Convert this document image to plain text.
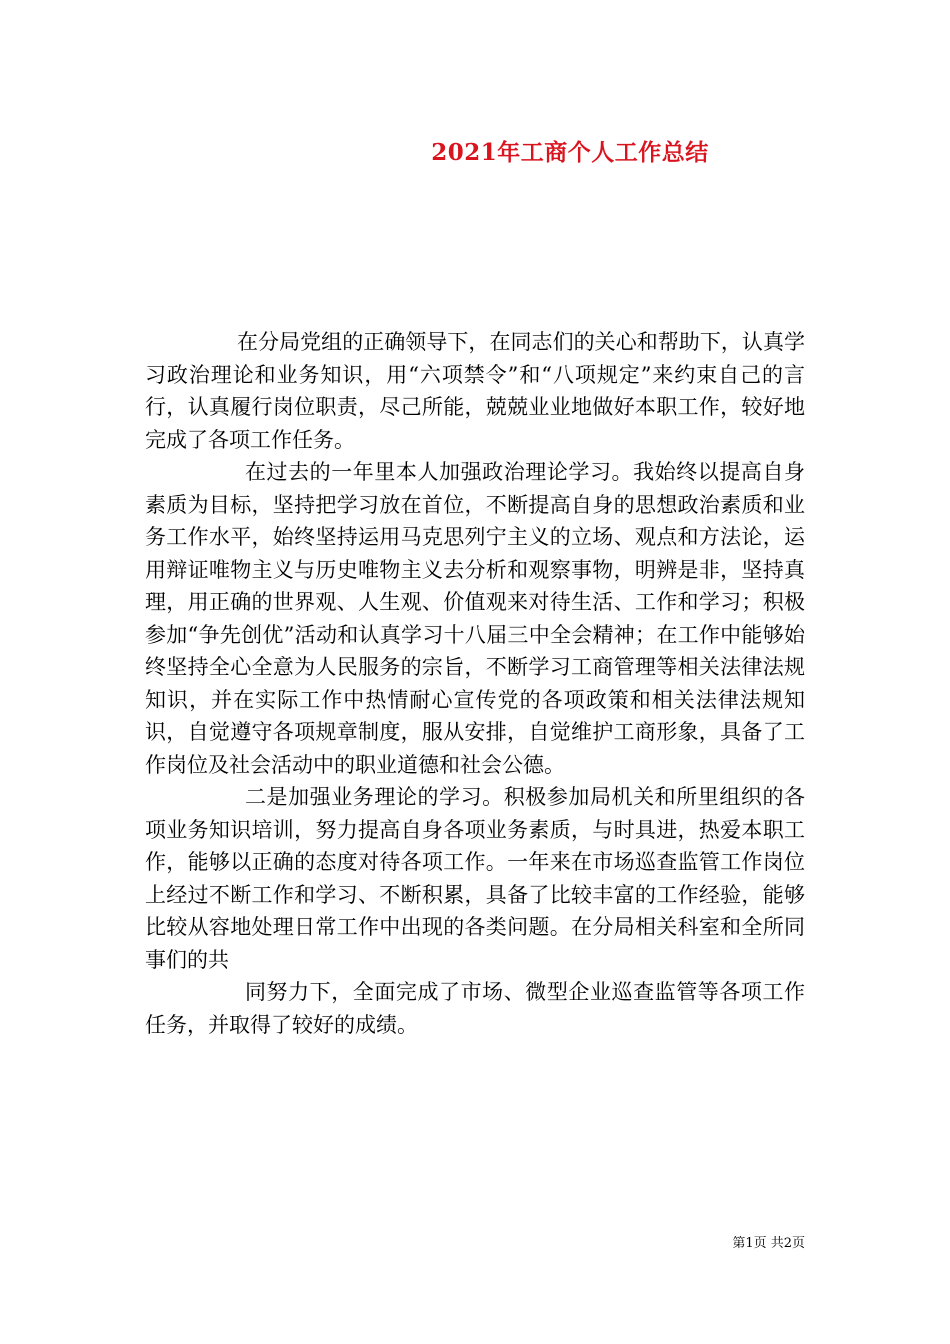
2021年工商个人工作总结

在分局党组的正确领导下，在同志们的关心和帮助下，认真学习政治理论和业务知识，用“六项禁令”和“八项规定”来约束自己的言行，认真履行岗位职责，尽己所能，兢兢业业地做好本职工作，较好地完成了各项工作任务。

在过去的一年里本人加强政治理论学习。我始终以提高自身素质为目标，坚持把学习放在首位，不断提高自身的思想政治素质和业务工作水平，始终坚持运用马克思列宁主义的立场、观点和方法论，运用辩证唯物主义与历史唯物主义去分析和观察事物，明辨是非，坚持真理，用正确的世界观、人生观、价值观来对待生活、工作和学习；积极参加“争先创优”活动和认真学习十八届三中全会精神；在工作中能够始终坚持全心全意为人民服务的宗旨，不断学习工商管理等相关法律法规知识，并在实际工作中热情耐心宣传党的各项政策和相关法律法规知识，自觉遵守各项规章制度，服从安排，自觉维护工商形象，具备了工作岗位及社会活动中的职业道德和社会公德。

二是加强业务理论的学习。积极参加局机关和所里组织的各项业务知识培训，努力提高自身各项业务素质，与时具进，热爱本职工作，能够以正确的态度对待各项工作。一年来在市场巡查监管工作岗位上经过不断工作和学习、不断积累，具备了比较丰富的工作经验，能够比较从容地处理日常工作中出现的各类问题。在分局相关科室和全所同事们的共

同努力下，全面完成了市场、微型企业巡查监管等各项工作任务，并取得了较好的成绩。

第1页 共2页
